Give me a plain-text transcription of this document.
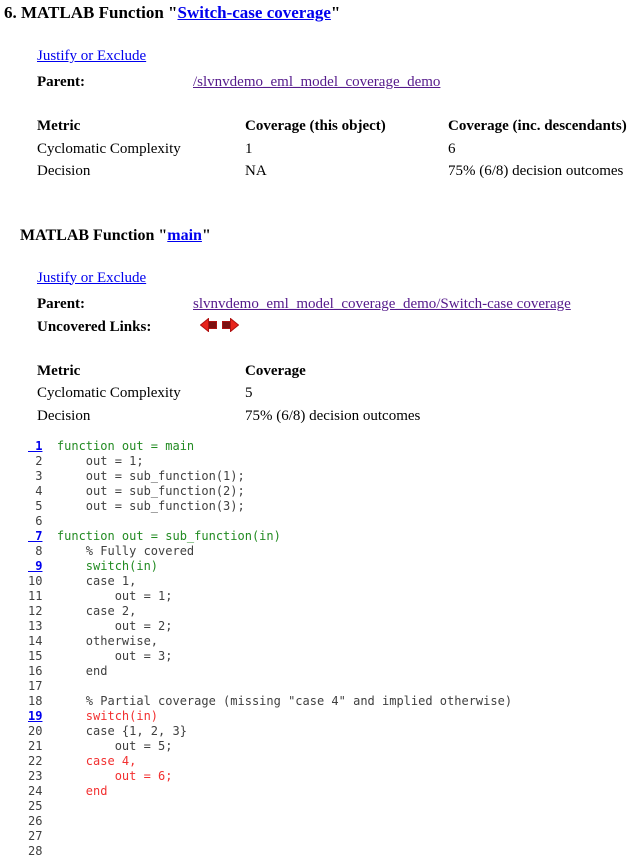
6. MATLAB Function "Switch-case coverage"
Justify or Exclude
Parent:	/slvnvdemo_eml_model_coverage_demo
Metric	Coverage (this object)	Coverage (inc. descendants)
Cyclomatic Complexity	1	6
Decision	NA	75% (6/8) decision outcomes
MATLAB Function "main"
Justify or Exclude
Parent:	slvnvdemo_eml_model_coverage_demo/Switch-case coverage
Uncovered Links:
Metric	Coverage
Cyclomatic Complexity	5
Decision	75% (6/8) decision outcomes
1 function out = main
2    out = 1;
3    out = sub_function(1);
4    out = sub_function(2);
5    out = sub_function(3);
6
7 function out = sub_function(in)
8    % Fully covered
9    switch(in)
10    case 1,
11        out = 1;
12    case 2,
13        out = 2;
14    otherwise,
15        out = 3;
16    end
17
18    % Partial coverage (missing "case 4" and implied otherwise)
19    switch(in)
20    case {1, 2, 3}
21        out = 5;
22    case 4,
23        out = 6;
24    end
25
26
27
28
